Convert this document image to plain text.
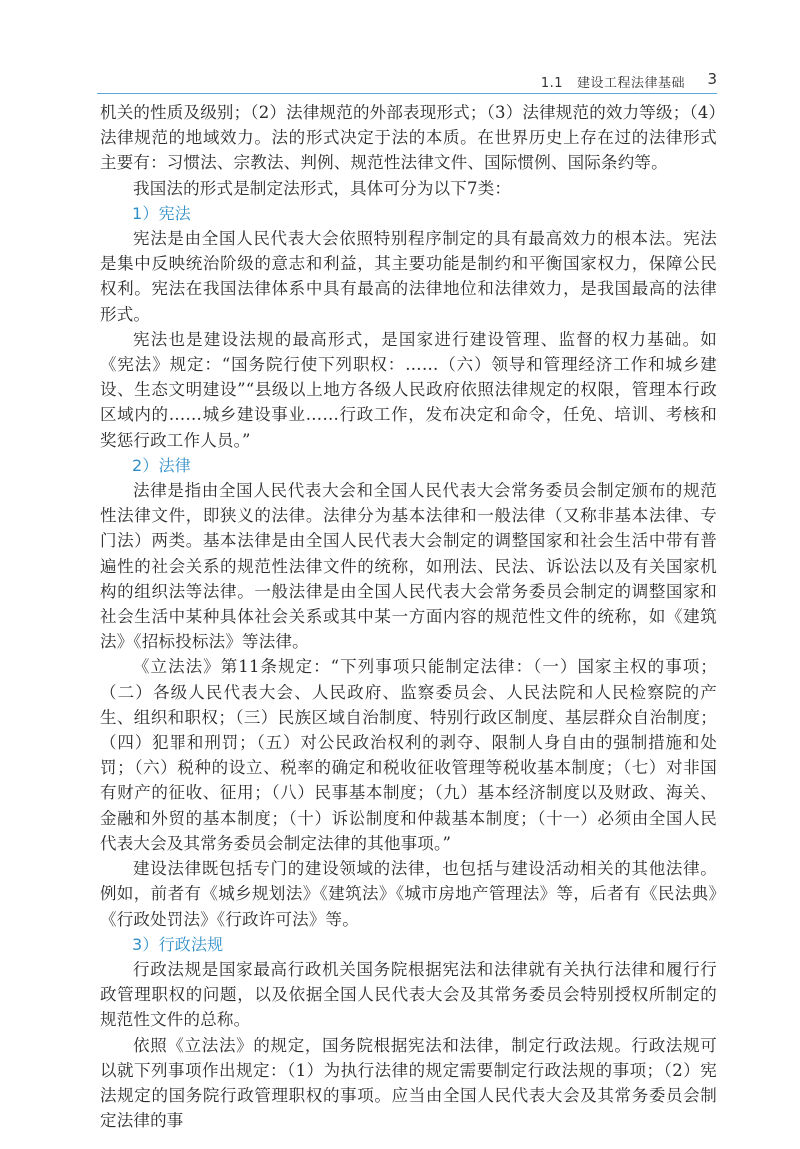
1.1 建设工程法律基础 3

机关的性质及级别；（2）法律规范的外部表现形式；（3）法律规范的效力等级；（4）法律规范的地域效力。法的形式决定于法的本质。在世界历史上存在过的法律形式主要有：习惯法、宗教法、判例、规范性法律文件、国际惯例、国际条约等。

我国法的形式是制定法形式，具体可分为以下7类：

1）宪法

宪法是由全国人民代表大会依照特别程序制定的具有最高效力的根本法。宪法是集中反映统治阶级的意志和利益，其主要功能是制约和平衡国家权力，保障公民权利。宪法在我国法律体系中具有最高的法律地位和法律效力，是我国最高的法律形式。

宪法也是建设法规的最高形式，是国家进行建设管理、监督的权力基础。如《宪法》规定：“国务院行使下列职权：……（六）领导和管理经济工作和城乡建设、生态文明建设”“县级以上地方各级人民政府依照法律规定的权限，管理本行政区域内的……城乡建设事业……行政工作，发布决定和命令，任免、培训、考核和奖惩行政工作人员。”

2）法律

法律是指由全国人民代表大会和全国人民代表大会常务委员会制定颁布的规范性法律文件，即狭义的法律。法律分为基本法律和一般法律（又称非基本法律、专门法）两类。基本法律是由全国人民代表大会制定的调整国家和社会生活中带有普遍性的社会关系的规范性法律文件的统称，如刑法、民法、诉讼法以及有关国家机构的组织法等法律。一般法律是由全国人民代表大会常务委员会制定的调整国家和社会生活中某种具体社会关系或其中某一方面内容的规范性文件的统称，如《建筑法》《招标投标法》等法律。

《立法法》第11条规定：“下列事项只能制定法律：（一）国家主权的事项；（二）各级人民代表大会、人民政府、监察委员会、人民法院和人民检察院的产生、组织和职权；（三）民族区域自治制度、特别行政区制度、基层群众自治制度；（四）犯罪和刑罚；（五）对公民政治权利的剥夺、限制人身自由的强制措施和处罚；（六）税种的设立、税率的确定和税收征收管理等税收基本制度；（七）对非国有财产的征收、征用；（八）民事基本制度；（九）基本经济制度以及财政、海关、金融和外贸的基本制度；（十）诉讼制度和仲裁基本制度；（十一）必须由全国人民代表大会及其常务委员会制定法律的其他事项。”

建设法律既包括专门的建设领域的法律，也包括与建设活动相关的其他法律。例如，前者有《城乡规划法》《建筑法》《城市房地产管理法》等，后者有《民法典》《行政处罚法》《行政许可法》等。

3）行政法规

行政法规是国家最高行政机关国务院根据宪法和法律就有关执行法律和履行行政管理职权的问题，以及依据全国人民代表大会及其常务委员会特别授权所制定的规范性文件的总称。

依照《立法法》的规定，国务院根据宪法和法律，制定行政法规。行政法规可以就下列事项作出规定：（1）为执行法律的规定需要制定行政法规的事项；（2）宪法规定的国务院行政管理职权的事项。应当由全国人民代表大会及其常务委员会制定法律的事
